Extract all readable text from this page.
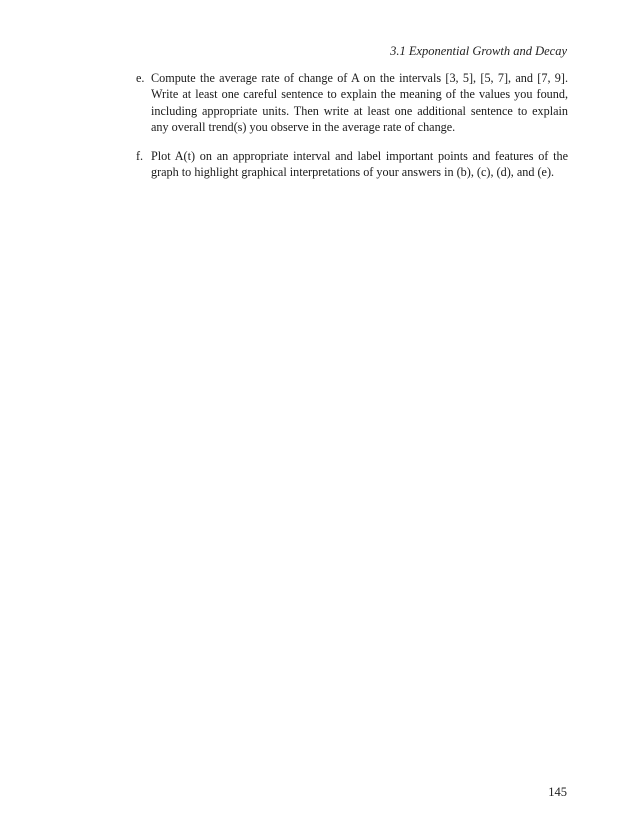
3.1 Exponential Growth and Decay
e. Compute the average rate of change of A on the intervals [3, 5], [5, 7], and [7, 9]. Write at least one careful sentence to explain the meaning of the values you found, including appropriate units. Then write at least one additional sentence to explain any overall trend(s) you observe in the average rate of change.
f. Plot A(t) on an appropriate interval and label important points and features of the graph to highlight graphical interpretations of your answers in (b), (c), (d), and (e).
145
